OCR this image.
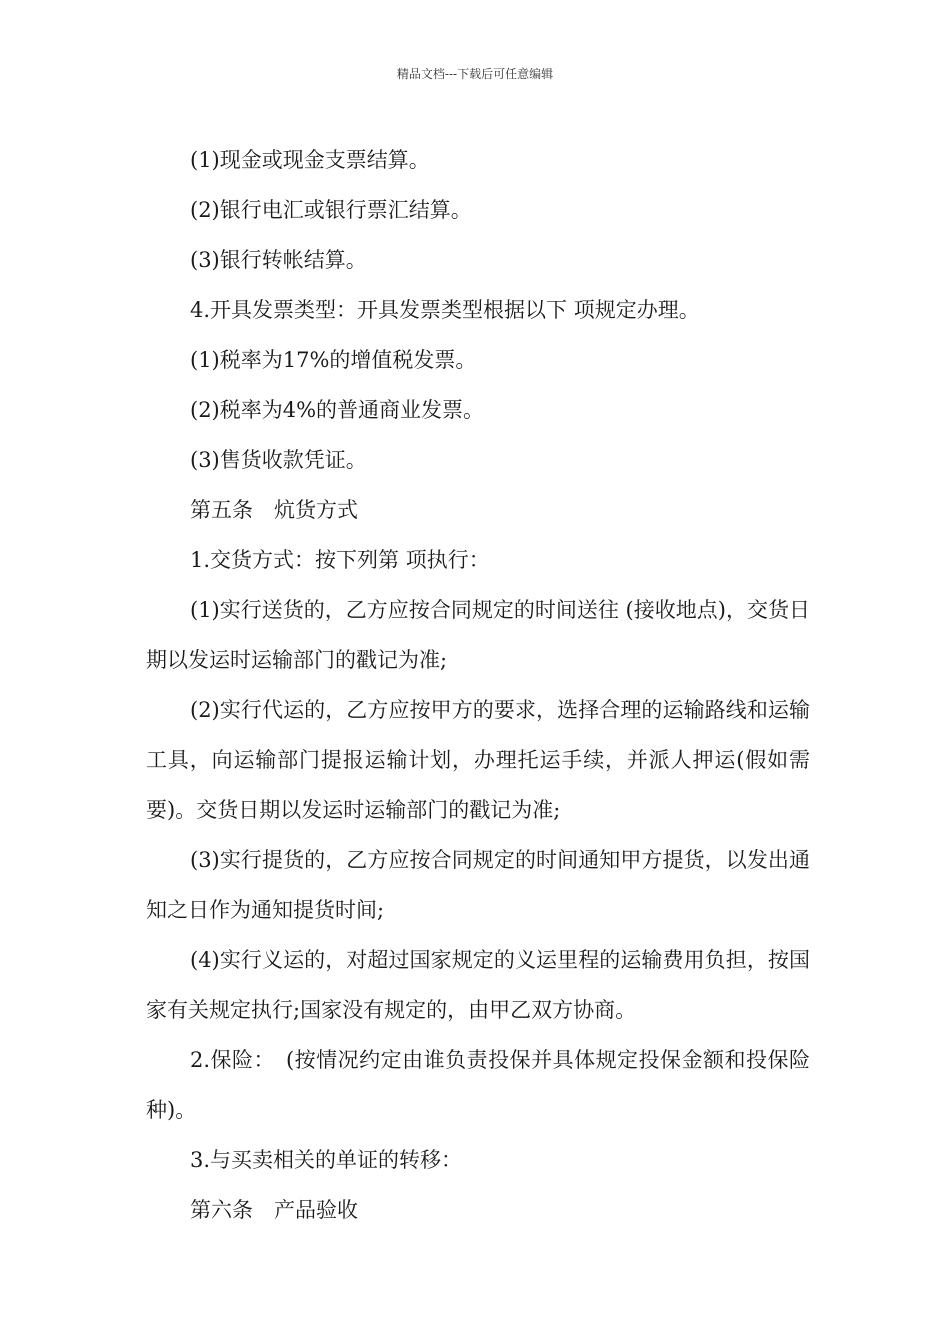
精品文档---下载后可任意编辑

(1)现金或现金支票结算。

(2)银行电汇或银行票汇结算。

(3)银行转帐结算。

4.开具发票类型：开具发票类型根据以下 项规定办理。

(1)税率为17%的增值税发票。

(2)税率为4%的普通商业发票。

(3)售货收款凭证。

第五条　炕货方式

1.交货方式：按下列第 项执行：

(1)实行送货的，乙方应按合同规定的时间送往 (接收地点)，交货日期以发运时运输部门的戳记为准;

(2)实行代运的，乙方应按甲方的要求，选择合理的运输路线和运输工具，向运输部门提报运输计划，办理托运手续，并派人押运(假如需要)。交货日期以发运时运输部门的戳记为准;

(3)实行提货的，乙方应按合同规定的时间通知甲方提货，以发出通知之日作为通知提货时间;

(4)实行义运的，对超过国家规定的义运里程的运输费用负担，按国家有关规定执行;国家没有规定的，由甲乙双方协商。

2.保险：　(按情况约定由谁负责投保并具体规定投保金额和投保险种)。

3.与买卖相关的单证的转移：

第六条　产品验收
